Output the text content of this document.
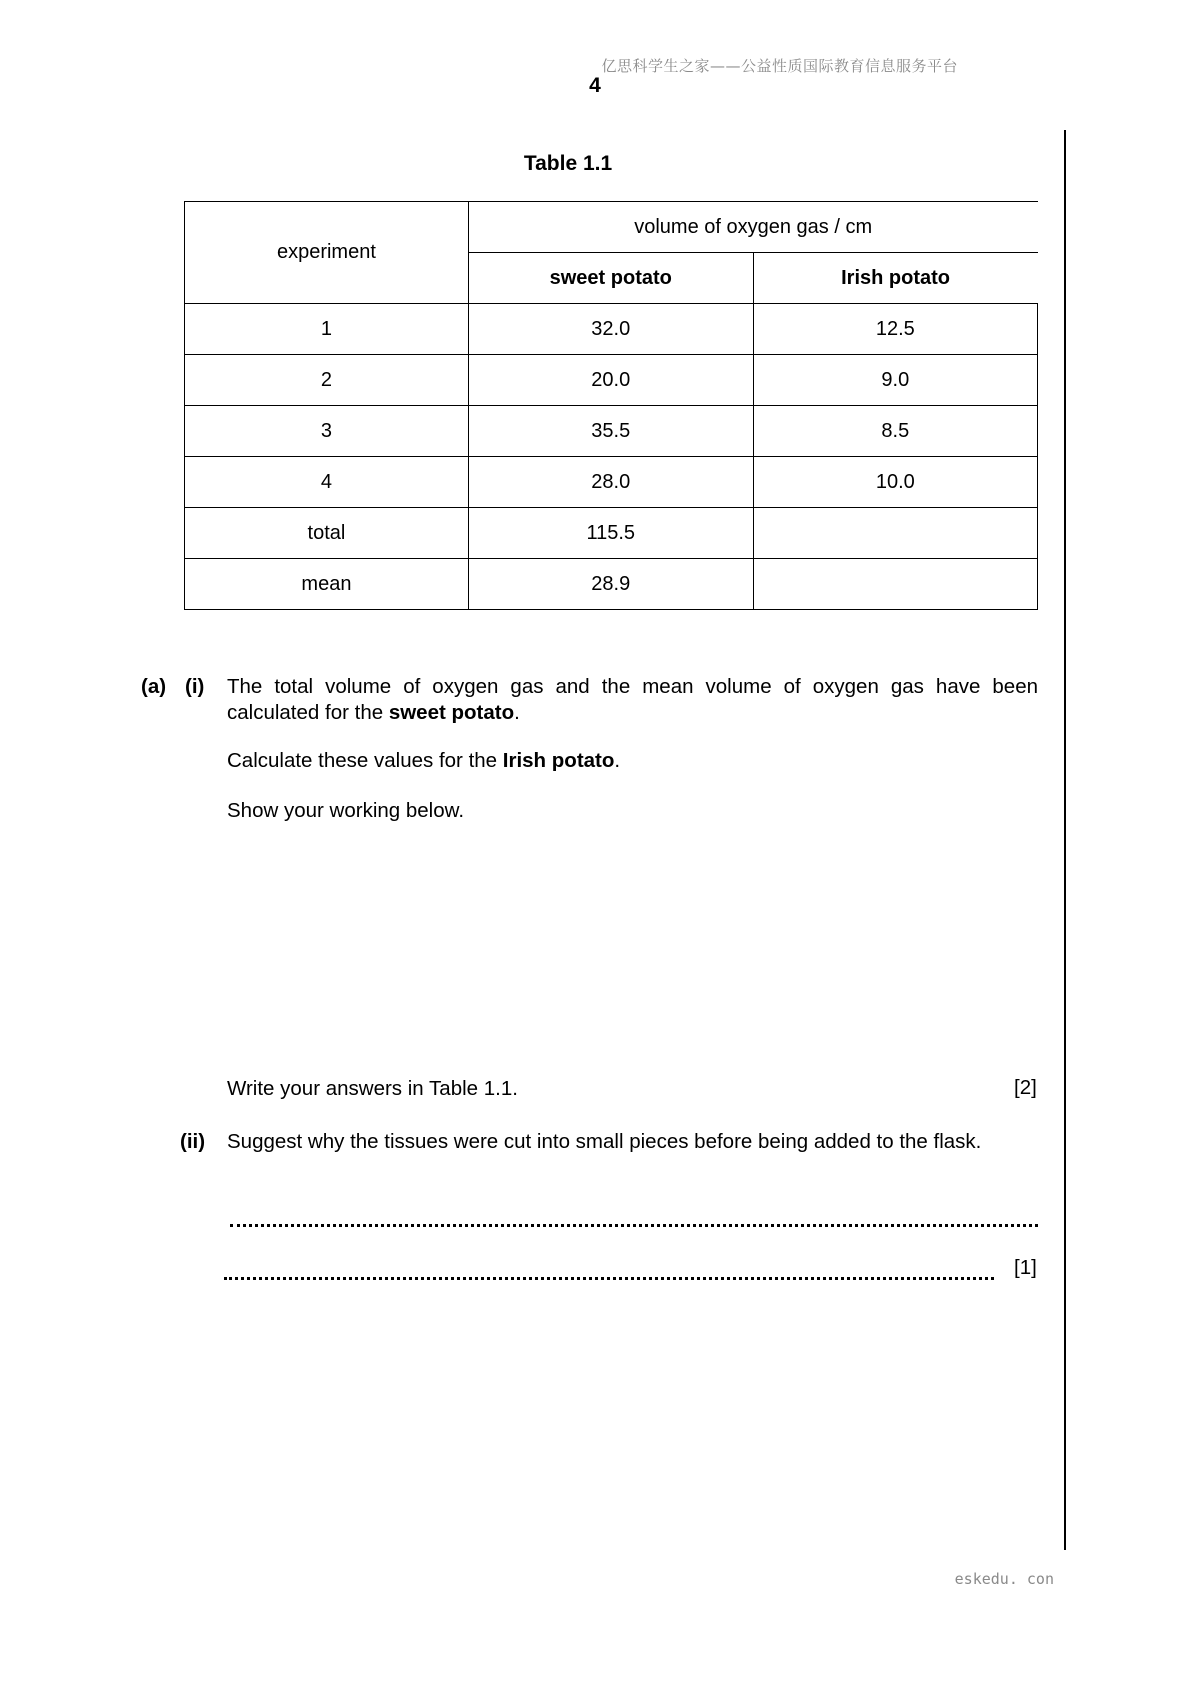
亿思科学生之家——公益性质国际教育信息服务平台
4
Table 1.1
experiment	volume of oxygen gas / cm	
	sweet potato	Irish potato
1	32.0	12.5
2	20.0	9.0
3	35.5	8.5
4	28.0	10.0
total	115.5	
mean	28.9	
(a) (i) The total volume of oxygen gas and the mean volume of oxygen gas have been calculated for the sweet potato.
Calculate these values for the Irish potato.
Show your working below.
Write your answers in Table 1.1.	[2]
(ii) Suggest why the tissues were cut into small pieces before being added to the flask.
[1]
eskedu. con
